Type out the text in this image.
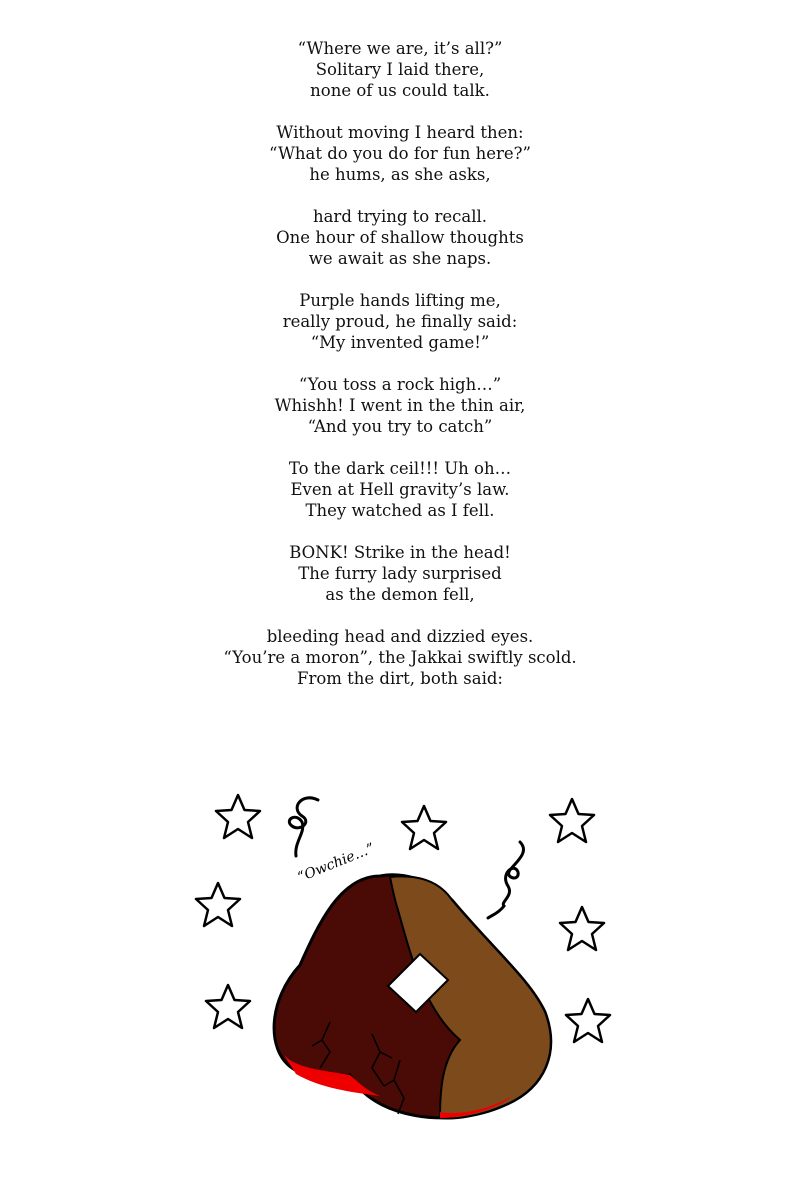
“Where we are, it’s all?”
Solitary I laid there,
none of us could talk.
Without moving I heard then:
“What do you do for fun here?”
he hums, as she asks,
hard trying to recall.
One hour of shallow thoughts
we await as she naps.
Purple hands lifting me,
really proud, he finally said:
“My invented game!”
“You toss a rock high…”
Whishh! I went in the thin air,
“And you try to catch”
To the dark ceil!!! Uh oh…
Even at Hell gravity’s law.
They watched as I fell.
BONK! Strike in the head!
The furry lady surprised
as the demon fell,
bleeding head and dizzied eyes.
“You’re a moron”, the Jakkai swiftly scold.
From the dirt, both said:
“Owchie…”
